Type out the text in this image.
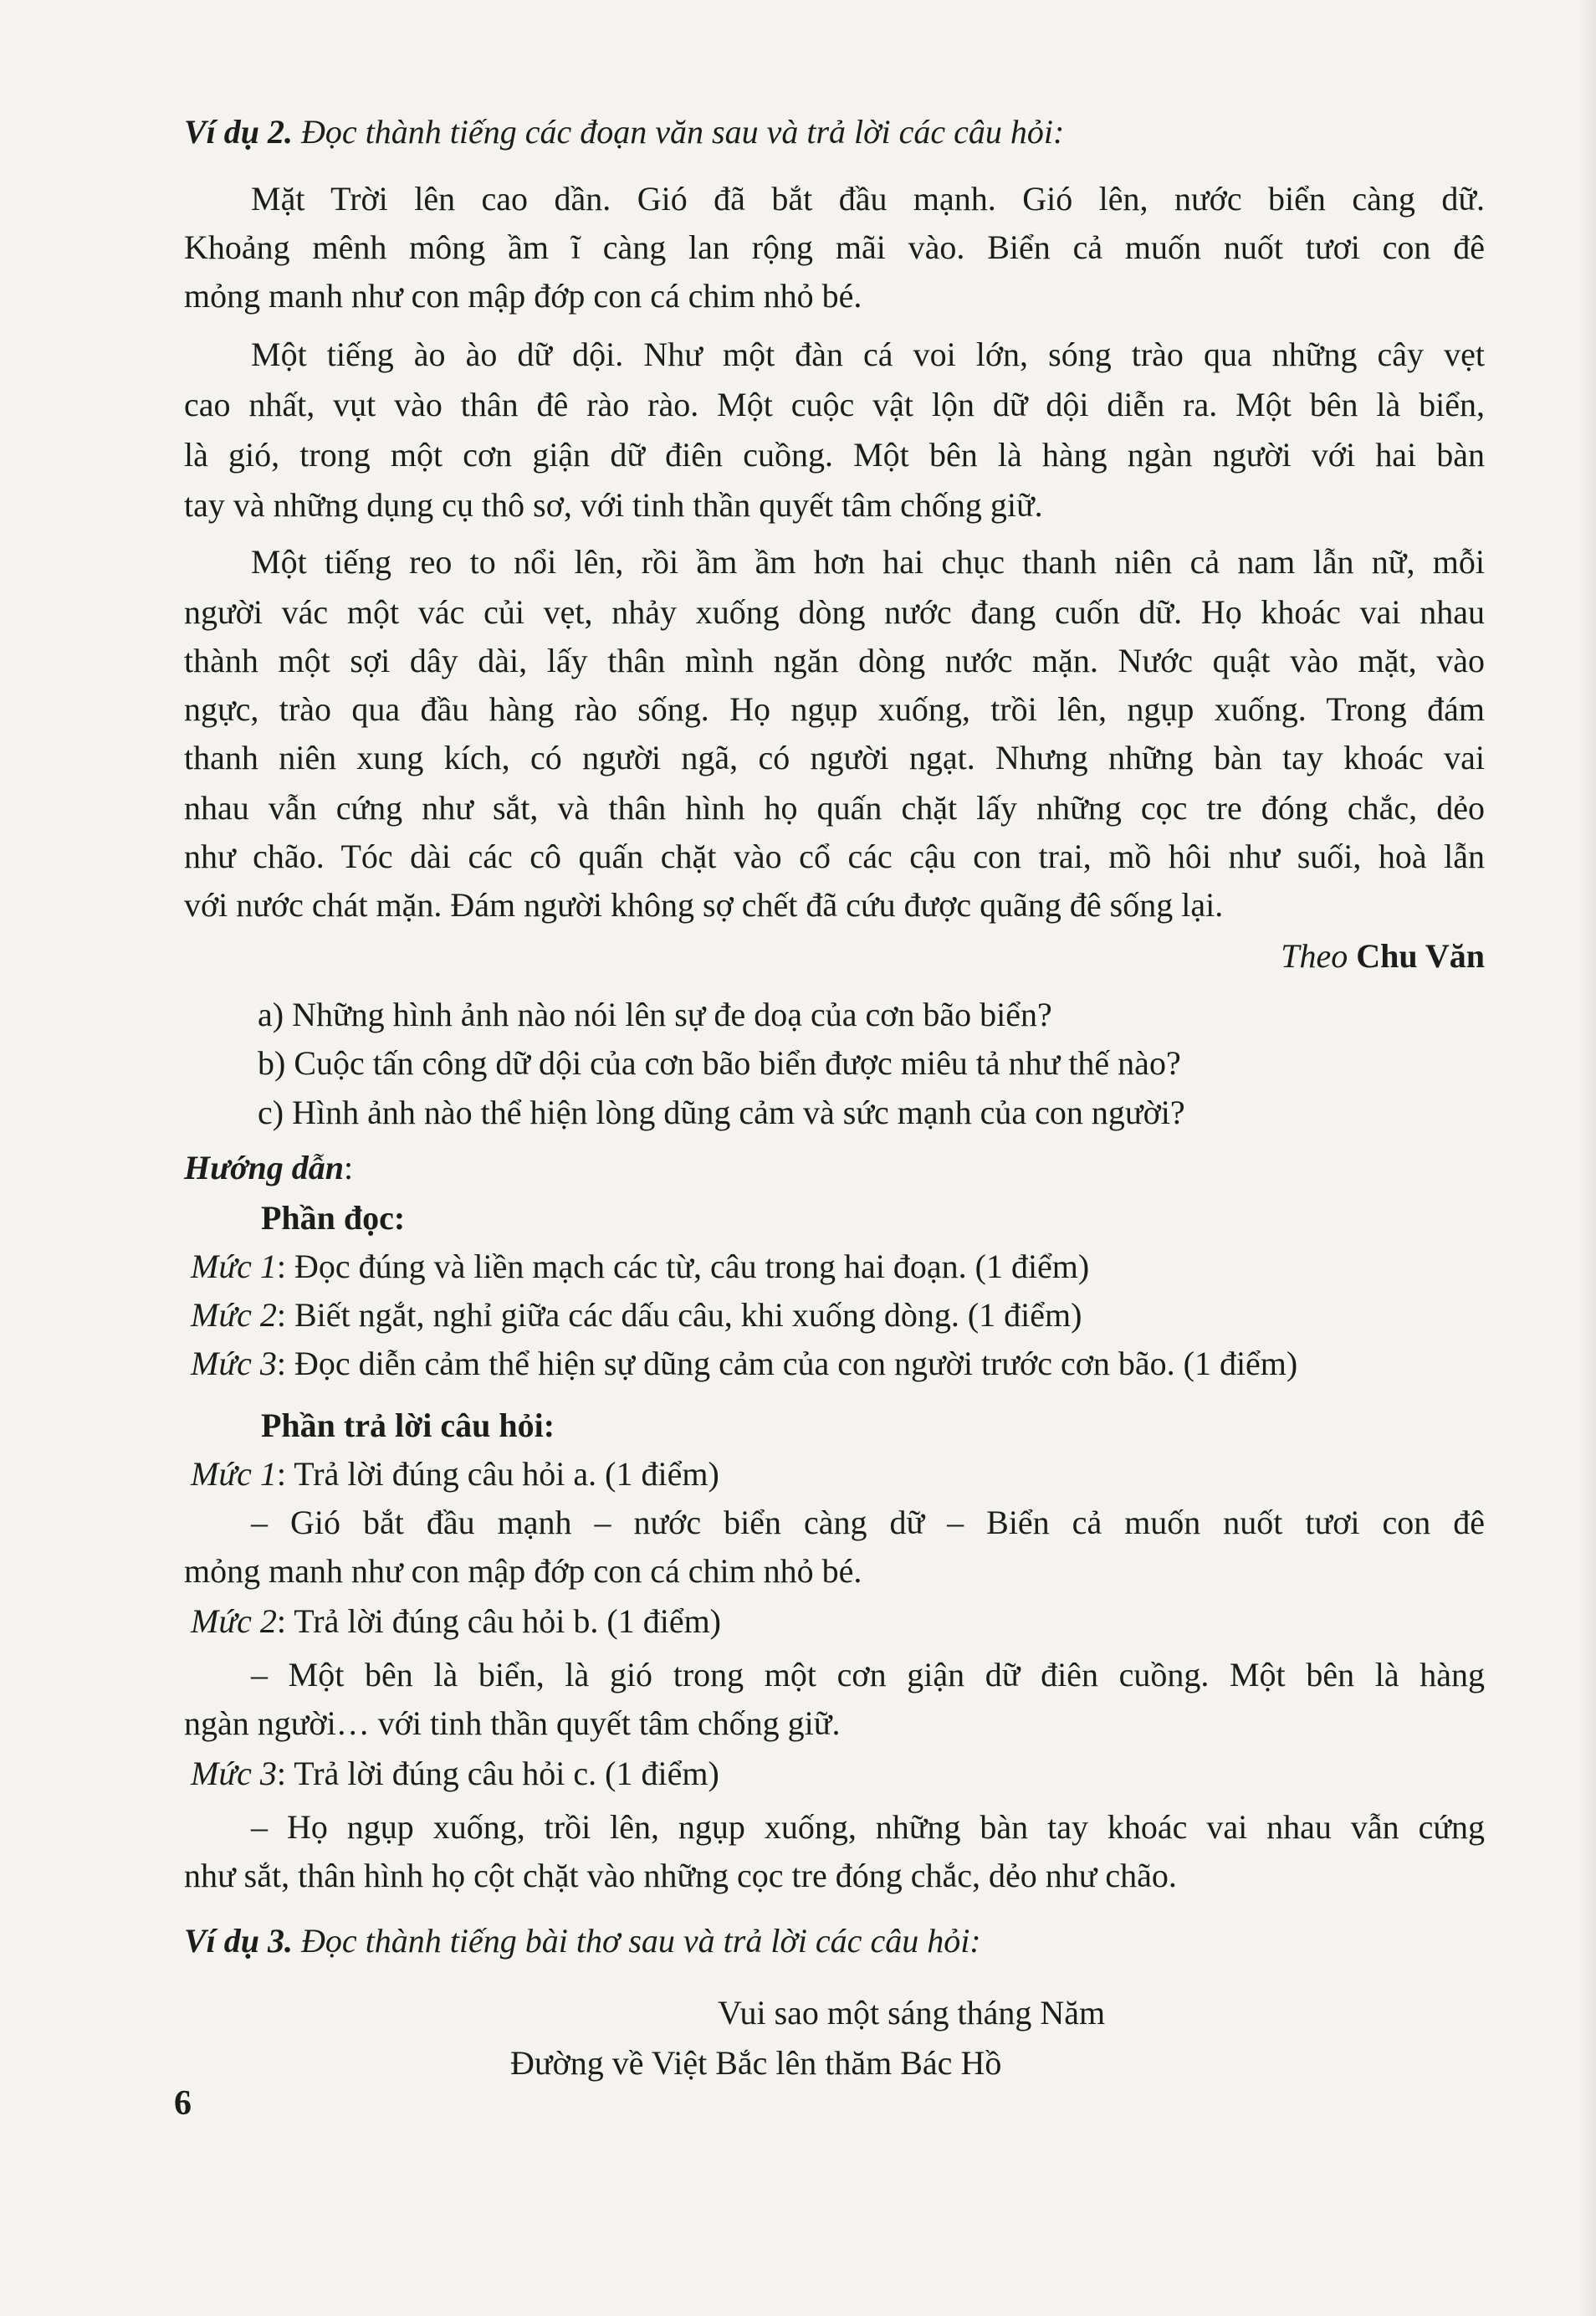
Ví dụ 2. Đọc thành tiếng các đoạn văn sau và trả lời các câu hỏi:
Mặt Trời lên cao dần. Gió đã bắt đầu mạnh. Gió lên, nước biển càng dữ.
Khoảng mênh mông ầm ĩ càng lan rộng mãi vào. Biển cả muốn nuốt tươi con đê
mỏng manh như con mập đớp con cá chim nhỏ bé.
Một tiếng ào ào dữ dội. Như một đàn cá voi lớn, sóng trào qua những cây vẹt
cao nhất, vụt vào thân đê rào rào. Một cuộc vật lộn dữ dội diễn ra. Một bên là biển,
là gió, trong một cơn giận dữ điên cuồng. Một bên là hàng ngàn người với hai bàn
tay và những dụng cụ thô sơ, với tinh thần quyết tâm chống giữ.
Một tiếng reo to nổi lên, rồi ầm ầm hơn hai chục thanh niên cả nam lẫn nữ, mỗi
người vác một vác củi vẹt, nhảy xuống dòng nước đang cuốn dữ. Họ khoác vai nhau
thành một sợi dây dài, lấy thân mình ngăn dòng nước mặn. Nước quật vào mặt, vào
ngực, trào qua đầu hàng rào sống. Họ ngụp xuống, trồi lên, ngụp xuống. Trong đám
thanh niên xung kích, có người ngã, có người ngạt. Nhưng những bàn tay khoác vai
nhau vẫn cứng như sắt, và thân hình họ quấn chặt lấy những cọc tre đóng chắc, dẻo
như chão. Tóc dài các cô quấn chặt vào cổ các cậu con trai, mồ hôi như suối, hoà lẫn
với nước chát mặn. Đám người không sợ chết đã cứu được quãng đê sống lại.
Theo Chu Văn
a) Những hình ảnh nào nói lên sự đe doạ của cơn bão biển?
b) Cuộc tấn công dữ dội của cơn bão biển được miêu tả như thế nào?
c) Hình ảnh nào thể hiện lòng dũng cảm và sức mạnh của con người?
Hướng dẫn:
Phần đọc:
Mức 1: Đọc đúng và liền mạch các từ, câu trong hai đoạn. (1 điểm)
Mức 2: Biết ngắt, nghỉ giữa các dấu câu, khi xuống dòng. (1 điểm)
Mức 3: Đọc diễn cảm thể hiện sự dũng cảm của con người trước cơn bão. (1 điểm)
Phần trả lời câu hỏi:
Mức 1: Trả lời đúng câu hỏi a. (1 điểm)
– Gió bắt đầu mạnh – nước biển càng dữ – Biển cả muốn nuốt tươi con đê
mỏng manh như con mập đớp con cá chim nhỏ bé.
Mức 2: Trả lời đúng câu hỏi b. (1 điểm)
– Một bên là biển, là gió trong một cơn giận dữ điên cuồng. Một bên là hàng
ngàn người… với tinh thần quyết tâm chống giữ.
Mức 3: Trả lời đúng câu hỏi c. (1 điểm)
– Họ ngụp xuống, trồi lên, ngụp xuống, những bàn tay khoác vai nhau vẫn cứng
như sắt, thân hình họ cột chặt vào những cọc tre đóng chắc, dẻo như chão.
Ví dụ 3. Đọc thành tiếng bài thơ sau và trả lời các câu hỏi:
Vui sao một sáng tháng Năm
Đường về Việt Bắc lên thăm Bác Hồ
6
